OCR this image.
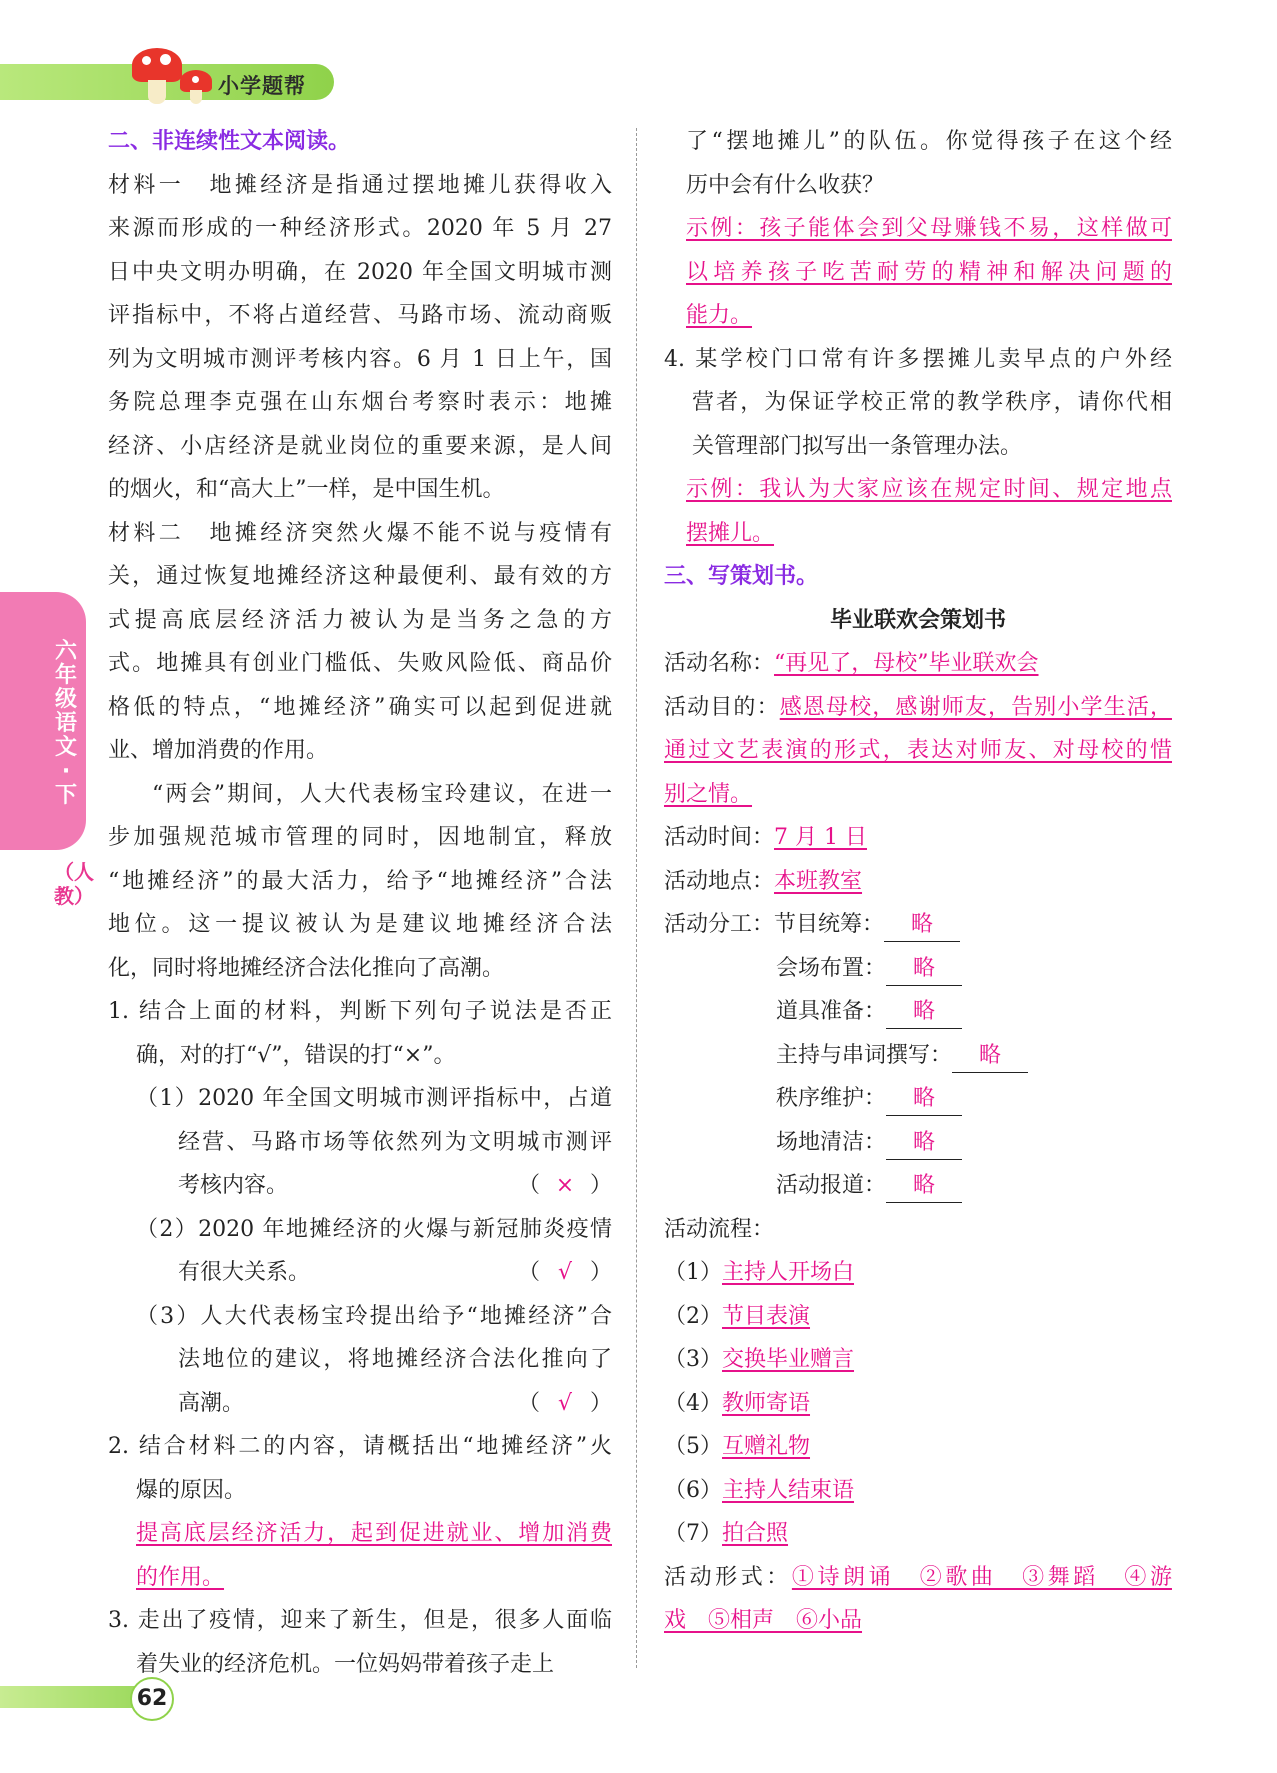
小学题帮
六年级语文·下
（人教）

二、非连续性文本阅读。

材料一　地摊经济是指通过摆地摊儿获得收入

来源而形成的一种经济形式。2020 年 5 月 27

日中央文明办明确，在 2020 年全国文明城市测

评指标中，不将占道经营、马路市场、流动商贩

列为文明城市测评考核内容。6 月 1 日上午，国

务院总理李克强在山东烟台考察时表示：地摊

经济、小店经济是就业岗位的重要来源，是人间

的烟火，和“高大上”一样，是中国生机。

材料二　地摊经济突然火爆不能不说与疫情有

关，通过恢复地摊经济这种最便利、最有效的方

式提高底层经济活力被认为是当务之急的方

式。地摊具有创业门槛低、失败风险低、商品价

格低的特点，“地摊经济”确实可以起到促进就

业、增加消费的作用。

“两会”期间，人大代表杨宝玲建议，在进一

步加强规范城市管理的同时，因地制宜，释放

“地摊经济”的最大活力，给予“地摊经济”合法

地位。这一提议被认为是建议地摊经济合法

化，同时将地摊经济合法化推向了高潮。

1. 结合上面的材料，判断下列句子说法是否正

确，对的打“√”，错误的打“×”。

（1）2020 年全国文明城市测评指标中，占道

经营、马路市场等依然列为文明城市测评

考核内容。	（ × ）

（2）2020 年地摊经济的火爆与新冠肺炎疫情

有很大关系。	（ √ ）

（3）人大代表杨宝玲提出给予“地摊经济”合

法地位的建议，将地摊经济合法化推向了

高潮。	（ √ ）

2. 结合材料二的内容，请概括出“地摊经济”火

爆的原因。

提高底层经济活力，起到促进就业、增加消费

的作用。

3. 走出了疫情，迎来了新生，但是，很多人面临

着失业的经济危机。一位妈妈带着孩子走上

了“摆地摊儿”的队伍。你觉得孩子在这个经

历中会有什么收获？

示例：孩子能体会到父母赚钱不易，这样做可

以培养孩子吃苦耐劳的精神和解决问题的

能力。

4. 某学校门口常有许多摆摊儿卖早点的户外经

营者，为保证学校正常的教学秩序，请你代相

关管理部门拟写出一条管理办法。

示例：我认为大家应该在规定时间、规定地点

摆摊儿。

三、写策划书。

毕业联欢会策划书

活动名称：“再见了，母校”毕业联欢会

活动目的：感恩母校，感谢师友，告别小学生活，

通过文艺表演的形式，表达对师友、对母校的惜

别之情。

活动时间：7 月 1 日

活动地点：本班教室

活动分工：节目统筹： 略

会场布置： 略

道具准备： 略

主持与串词撰写： 略

秩序维护： 略

场地清洁： 略

活动报道： 略

活动流程：

（1）主持人开场白

（2）节目表演

（3）交换毕业赠言

（4）教师寄语

（5）互赠礼物

（6）主持人结束语

（7）拍合照

活动形式：①诗朗诵　②歌曲　③舞蹈　④游

戏　⑤相声　⑥小品

62
